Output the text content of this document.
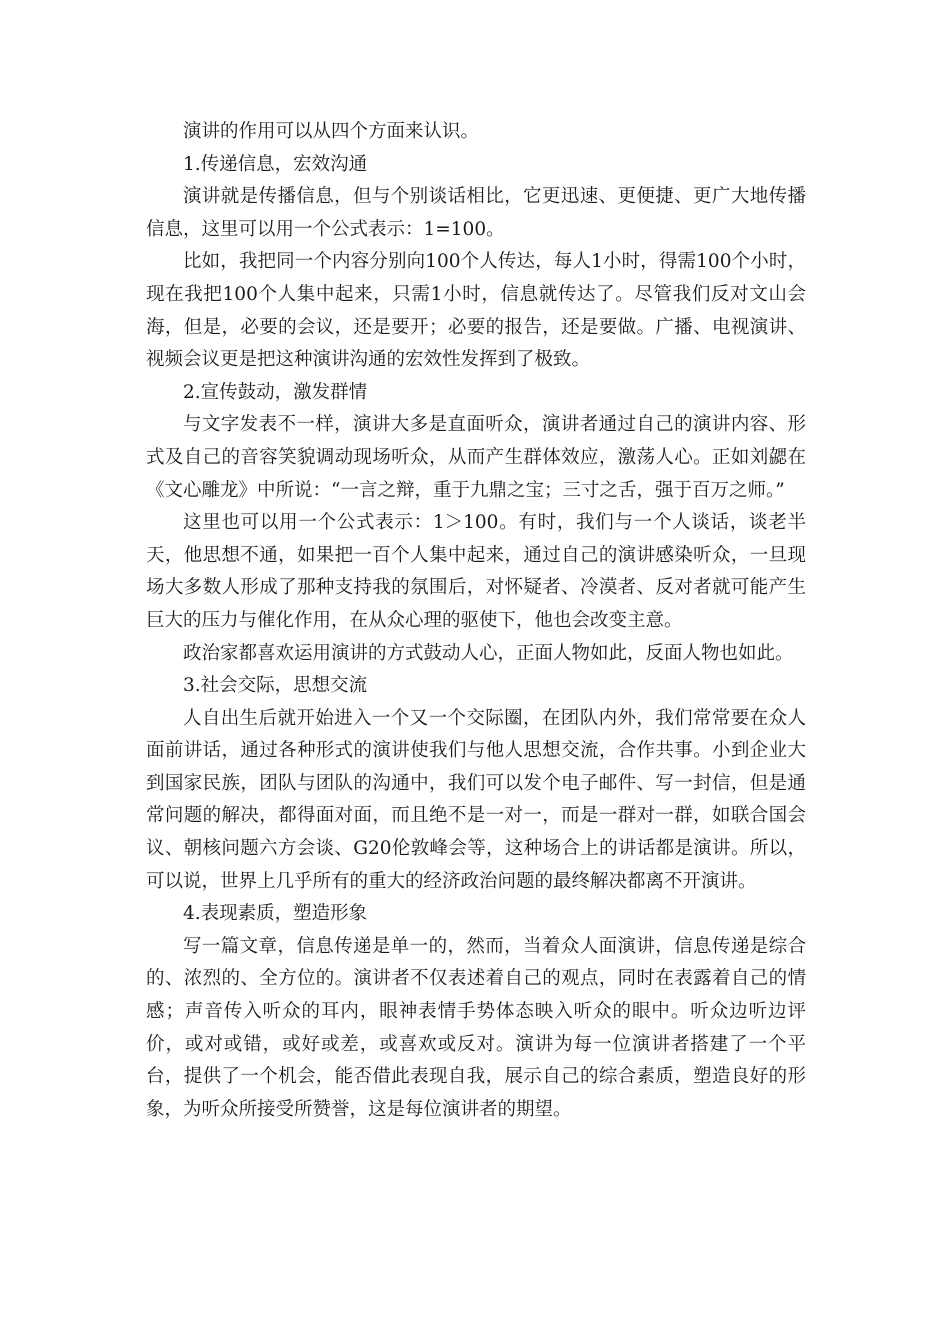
演讲的作用可以从四个方面来认识。

1.传递信息，宏效沟通

演讲就是传播信息，但与个别谈话相比，它更迅速、更便捷、更广大地传播信息，这里可以用一个公式表示：1=100。

比如，我把同一个内容分别向100个人传达，每人1小时，得需100个小时，现在我把100个人集中起来，只需1小时，信息就传达了。尽管我们反对文山会海，但是，必要的会议，还是要开；必要的报告，还是要做。广播、电视演讲、视频会议更是把这种演讲沟通的宏效性发挥到了极致。

2.宣传鼓动，激发群情

与文字发表不一样，演讲大多是直面听众，演讲者通过自己的演讲内容、形式及自己的音容笑貌调动现场听众，从而产生群体效应，激荡人心。正如刘勰在《文心雕龙》中所说：“一言之辩，重于九鼎之宝；三寸之舌，强于百万之师。”

这里也可以用一个公式表示：1＞100。有时，我们与一个人谈话，谈老半天，他思想不通，如果把一百个人集中起来，通过自己的演讲感染听众，一旦现场大多数人形成了那种支持我的氛围后，对怀疑者、冷漠者、反对者就可能产生巨大的压力与催化作用，在从众心理的驱使下，他也会改变主意。

政治家都喜欢运用演讲的方式鼓动人心，正面人物如此，反面人物也如此。

3.社会交际，思想交流

人自出生后就开始进入一个又一个交际圈，在团队内外，我们常常要在众人面前讲话，通过各种形式的演讲使我们与他人思想交流，合作共事。小到企业大到国家民族，团队与团队的沟通中，我们可以发个电子邮件、写一封信，但是通常问题的解决，都得面对面，而且绝不是一对一，而是一群对一群，如联合国会议、朝核问题六方会谈、G20伦敦峰会等，这种场合上的讲话都是演讲。所以，可以说，世界上几乎所有的重大的经济政治问题的最终解决都离不开演讲。

4.表现素质，塑造形象

写一篇文章，信息传递是单一的，然而，当着众人面演讲，信息传递是综合的、浓烈的、全方位的。演讲者不仅表述着自己的观点，同时在表露着自己的情感；声音传入听众的耳内，眼神表情手势体态映入听众的眼中。听众边听边评价，或对或错，或好或差，或喜欢或反对。演讲为每一位演讲者搭建了一个平台，提供了一个机会，能否借此表现自我，展示自己的综合素质，塑造良好的形象，为听众所接受所赞誉，这是每位演讲者的期望。
